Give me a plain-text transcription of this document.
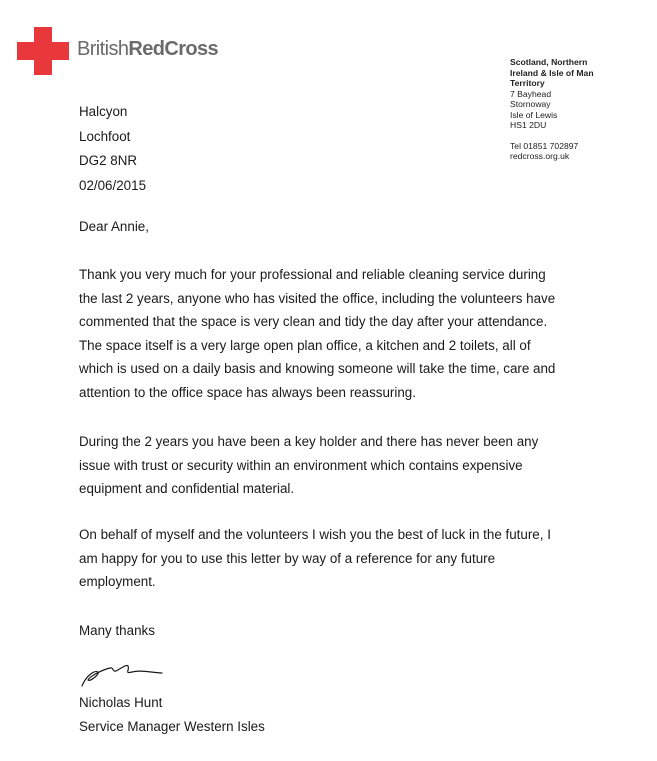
BritishRedCross
Scotland, Northern
Ireland & Isle of Man
Territory
7 Bayhead
Stornoway
Isle of Lewis
HS1 2DU
Tel 01851 702897
redcross.org.uk
Halcyon
Lochfoot
DG2 8NR
02/06/2015
Dear Annie,
Thank you very much for your professional and reliable cleaning service during
the last 2 years, anyone who has visited the office, including the volunteers have
commented that the space is very clean and tidy the day after your attendance.
The space itself is a very large open plan office, a kitchen and 2 toilets, all of
which is used on a daily basis and knowing someone will take the time, care and
attention to the office space has always been reassuring.
During the 2 years you have been a key holder and there has never been any
issue with trust or security within an environment which contains expensive
equipment and confidential material.
On behalf of myself and the volunteers I wish you the best of luck in the future, I
am happy for you to use this letter by way of a reference for any future
employment.
Many thanks
Nicholas Hunt
Service Manager Western Isles
